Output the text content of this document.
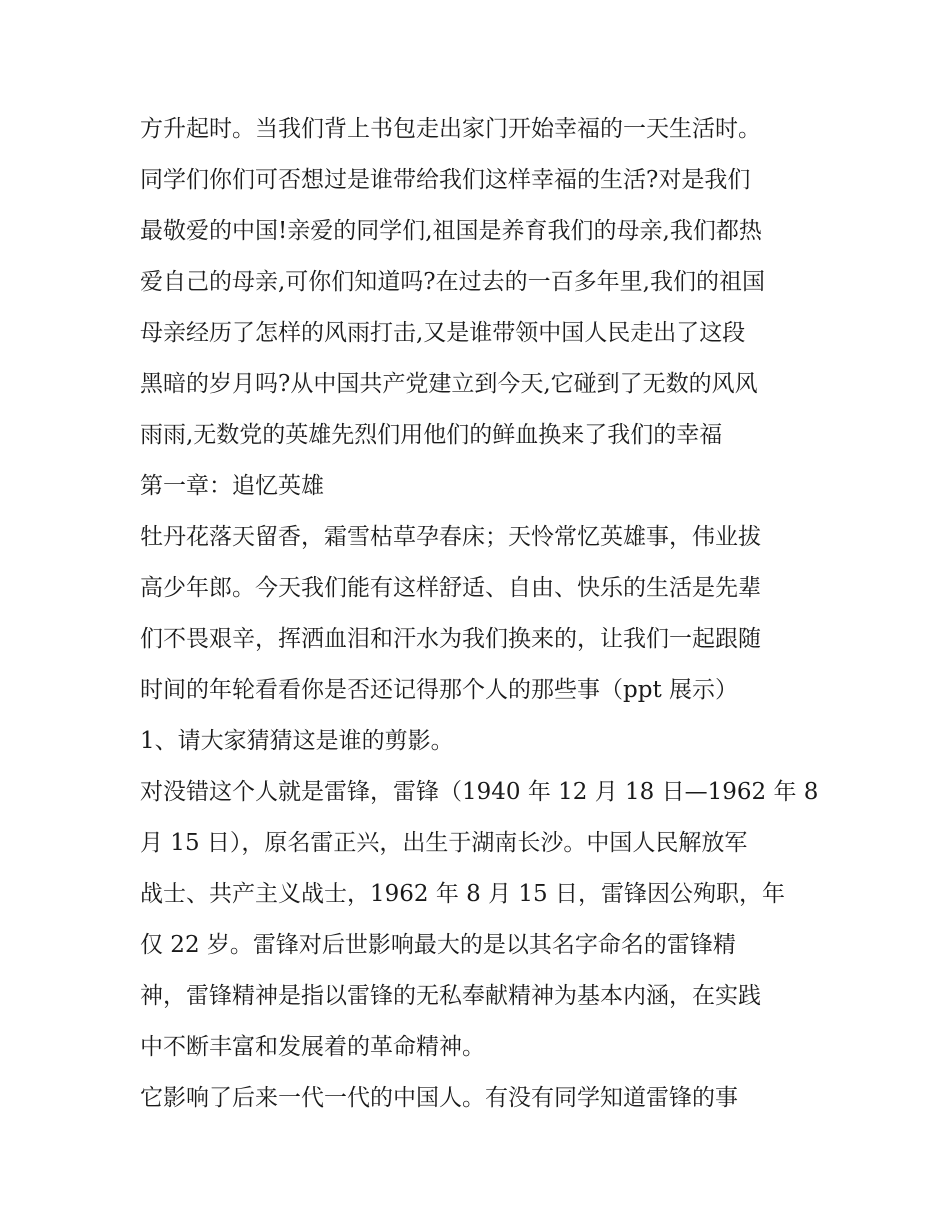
方升起时。当我们背上书包走出家门开始幸福的一天生活时。
同学们你们可否想过是谁带给我们这样幸福的生活?对是我们
最敬爱的中国!亲爱的同学们,祖国是养育我们的母亲,我们都热
爱自己的母亲,可你们知道吗?在过去的一百多年里,我们的祖国
母亲经历了怎样的风雨打击,又是谁带领中国人民走出了这段
黑暗的岁月吗?从中国共产党建立到今天,它碰到了无数的风风
雨雨,无数党的英雄先烈们用他们的鲜血换来了我们的幸福
第一章：追忆英雄
牡丹花落天留香，霜雪枯草孕春床；天怜常忆英雄事，伟业拔
高少年郎。今天我们能有这样舒适、自由、快乐的生活是先辈
们不畏艰辛，挥洒血泪和汗水为我们换来的，让我们一起跟随
时间的年轮看看你是否还记得那个人的那些事（ppt 展示）
1、请大家猜猜这是谁的剪影。
对没错这个人就是雷锋，雷锋（1940 年 12 月 18 日—1962 年 8
月 15 日），原名雷正兴，出生于湖南长沙。中国人民解放军
战士、共产主义战士，1962 年 8 月 15 日，雷锋因公殉职，年
仅 22 岁。雷锋对后世影响最大的是以其名字命名的雷锋精
神，雷锋精神是指以雷锋的无私奉献精神为基本内涵，在实践
中不断丰富和发展着的革命精神。
它影响了后来一代一代的中国人。有没有同学知道雷锋的事
